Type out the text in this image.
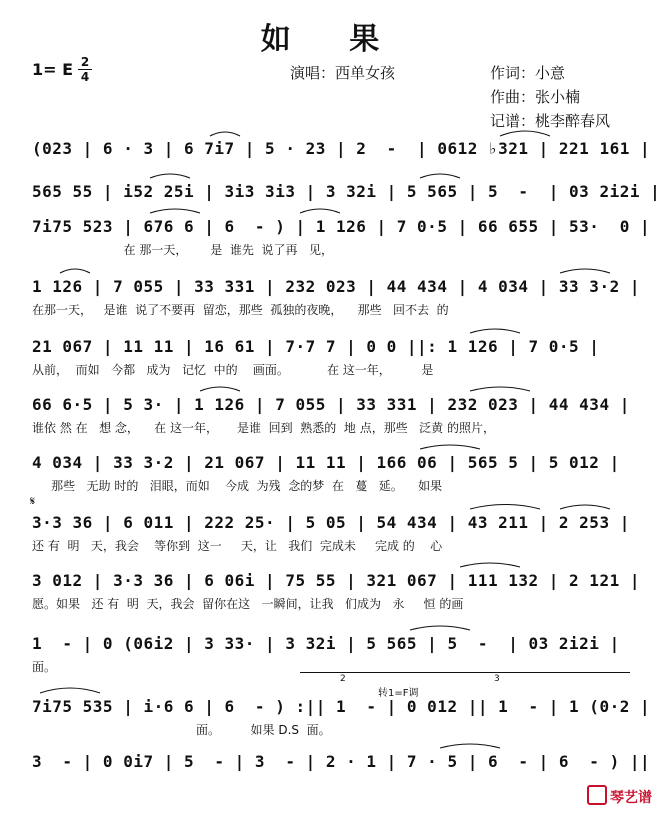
如 果
1= E 2
4	演唱：西单女孩	作词：小意
作曲：张小楠
记谱：桃李醉春风
(023 | 6 · 3 | 6 7i7 | 5 · 23 | 2  -  | 0612 ♭321 | 221 161 |
565 55 | i52 25i | 3i3 3i3 | 3 32i | 5 565 | 5  -  | 03 2i2i |
7i75 523 | 676 6 | 6  - ) | 1 126 | 7 0·5 | 66 655 | 53·  0 |
在 那一天，      是  谁先  说了再   见，
1 126 | 7 055 | 33 331 | 232 023 | 44 434 | 4 034 | 33 3·2 |
在那一天，   是谁  说了不要再  留恋，那些  孤独的夜晚，    那些   回不去  的
21 067 | 11 11 | 16 61 | 7·7 7 | 0 0 ||: 1 126 | 7 0·5 |
从前，  而如   今都   成为   记忆  中的    画面。          在 这一年，        是
66 6·5 | 5 3· | 1 126 | 7 055 | 33 331 | 232 023 | 44 434 |
谁依 然 在   想 念，    在 这一年，     是谁  回到  熟悉的  地 点，那些   泛黄 的照片，
4 034 | 33 3·2 | 21 067 | 11 11 | 166 06 | 565 5 | 5 012 |
那些   无助 时的   泪眼，而如    今成  为残  念的梦  在   蔓   延。    如果
3·3 36 | 6 011 | 222 25· | 5 05 | 54 434 | 43 211 | 2 253 |
还 有  明   天，我会    等你到  这一     天，让   我们  完成未     完成 的    心
3 012 | 3·3 36 | 6 06i | 75 55 | 321 067 | 111 132 | 2 121 |
愿。如果   还 有  明  天，我会  留你在这   一瞬间，让我   们成为   永     恒 的画
1  - | 0 (06i2 | 3 33· | 3 32i | 5 565 | 5  -  | 03 2i2i |
面。
7i75 535 | i·6 6 | 6  - ) :|| 1  - | 0 012 || 1  - | 1 (0·2 |
面。        如果 D.S  面。
3  - | 0 0i7 | 5  - | 3  - | 2 · 1 | 7 · 5 | 6  - | 6  - ) ||
𝄋
2	3
转1=F调
琴艺谱
